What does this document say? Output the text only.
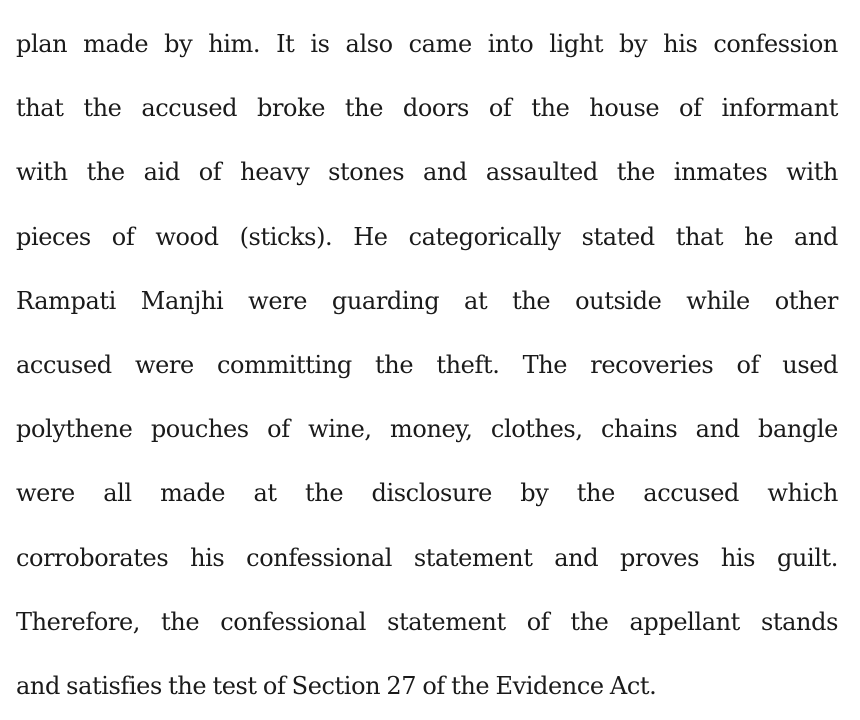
plan made by him. It is also came into light by his confession
that the accused broke the doors of the house of informant
with the aid of heavy stones and assaulted the inmates with
pieces of wood (sticks). He categorically stated that he and
Rampati Manjhi were guarding at the outside while other
accused were committing the theft. The recoveries of used
polythene pouches of wine, money, clothes, chains and bangle
were all made at the disclosure by the accused which
corroborates his confessional statement and proves his guilt.
Therefore, the confessional statement of the appellant stands
and satisfies the test of Section 27 of the Evidence Act.
